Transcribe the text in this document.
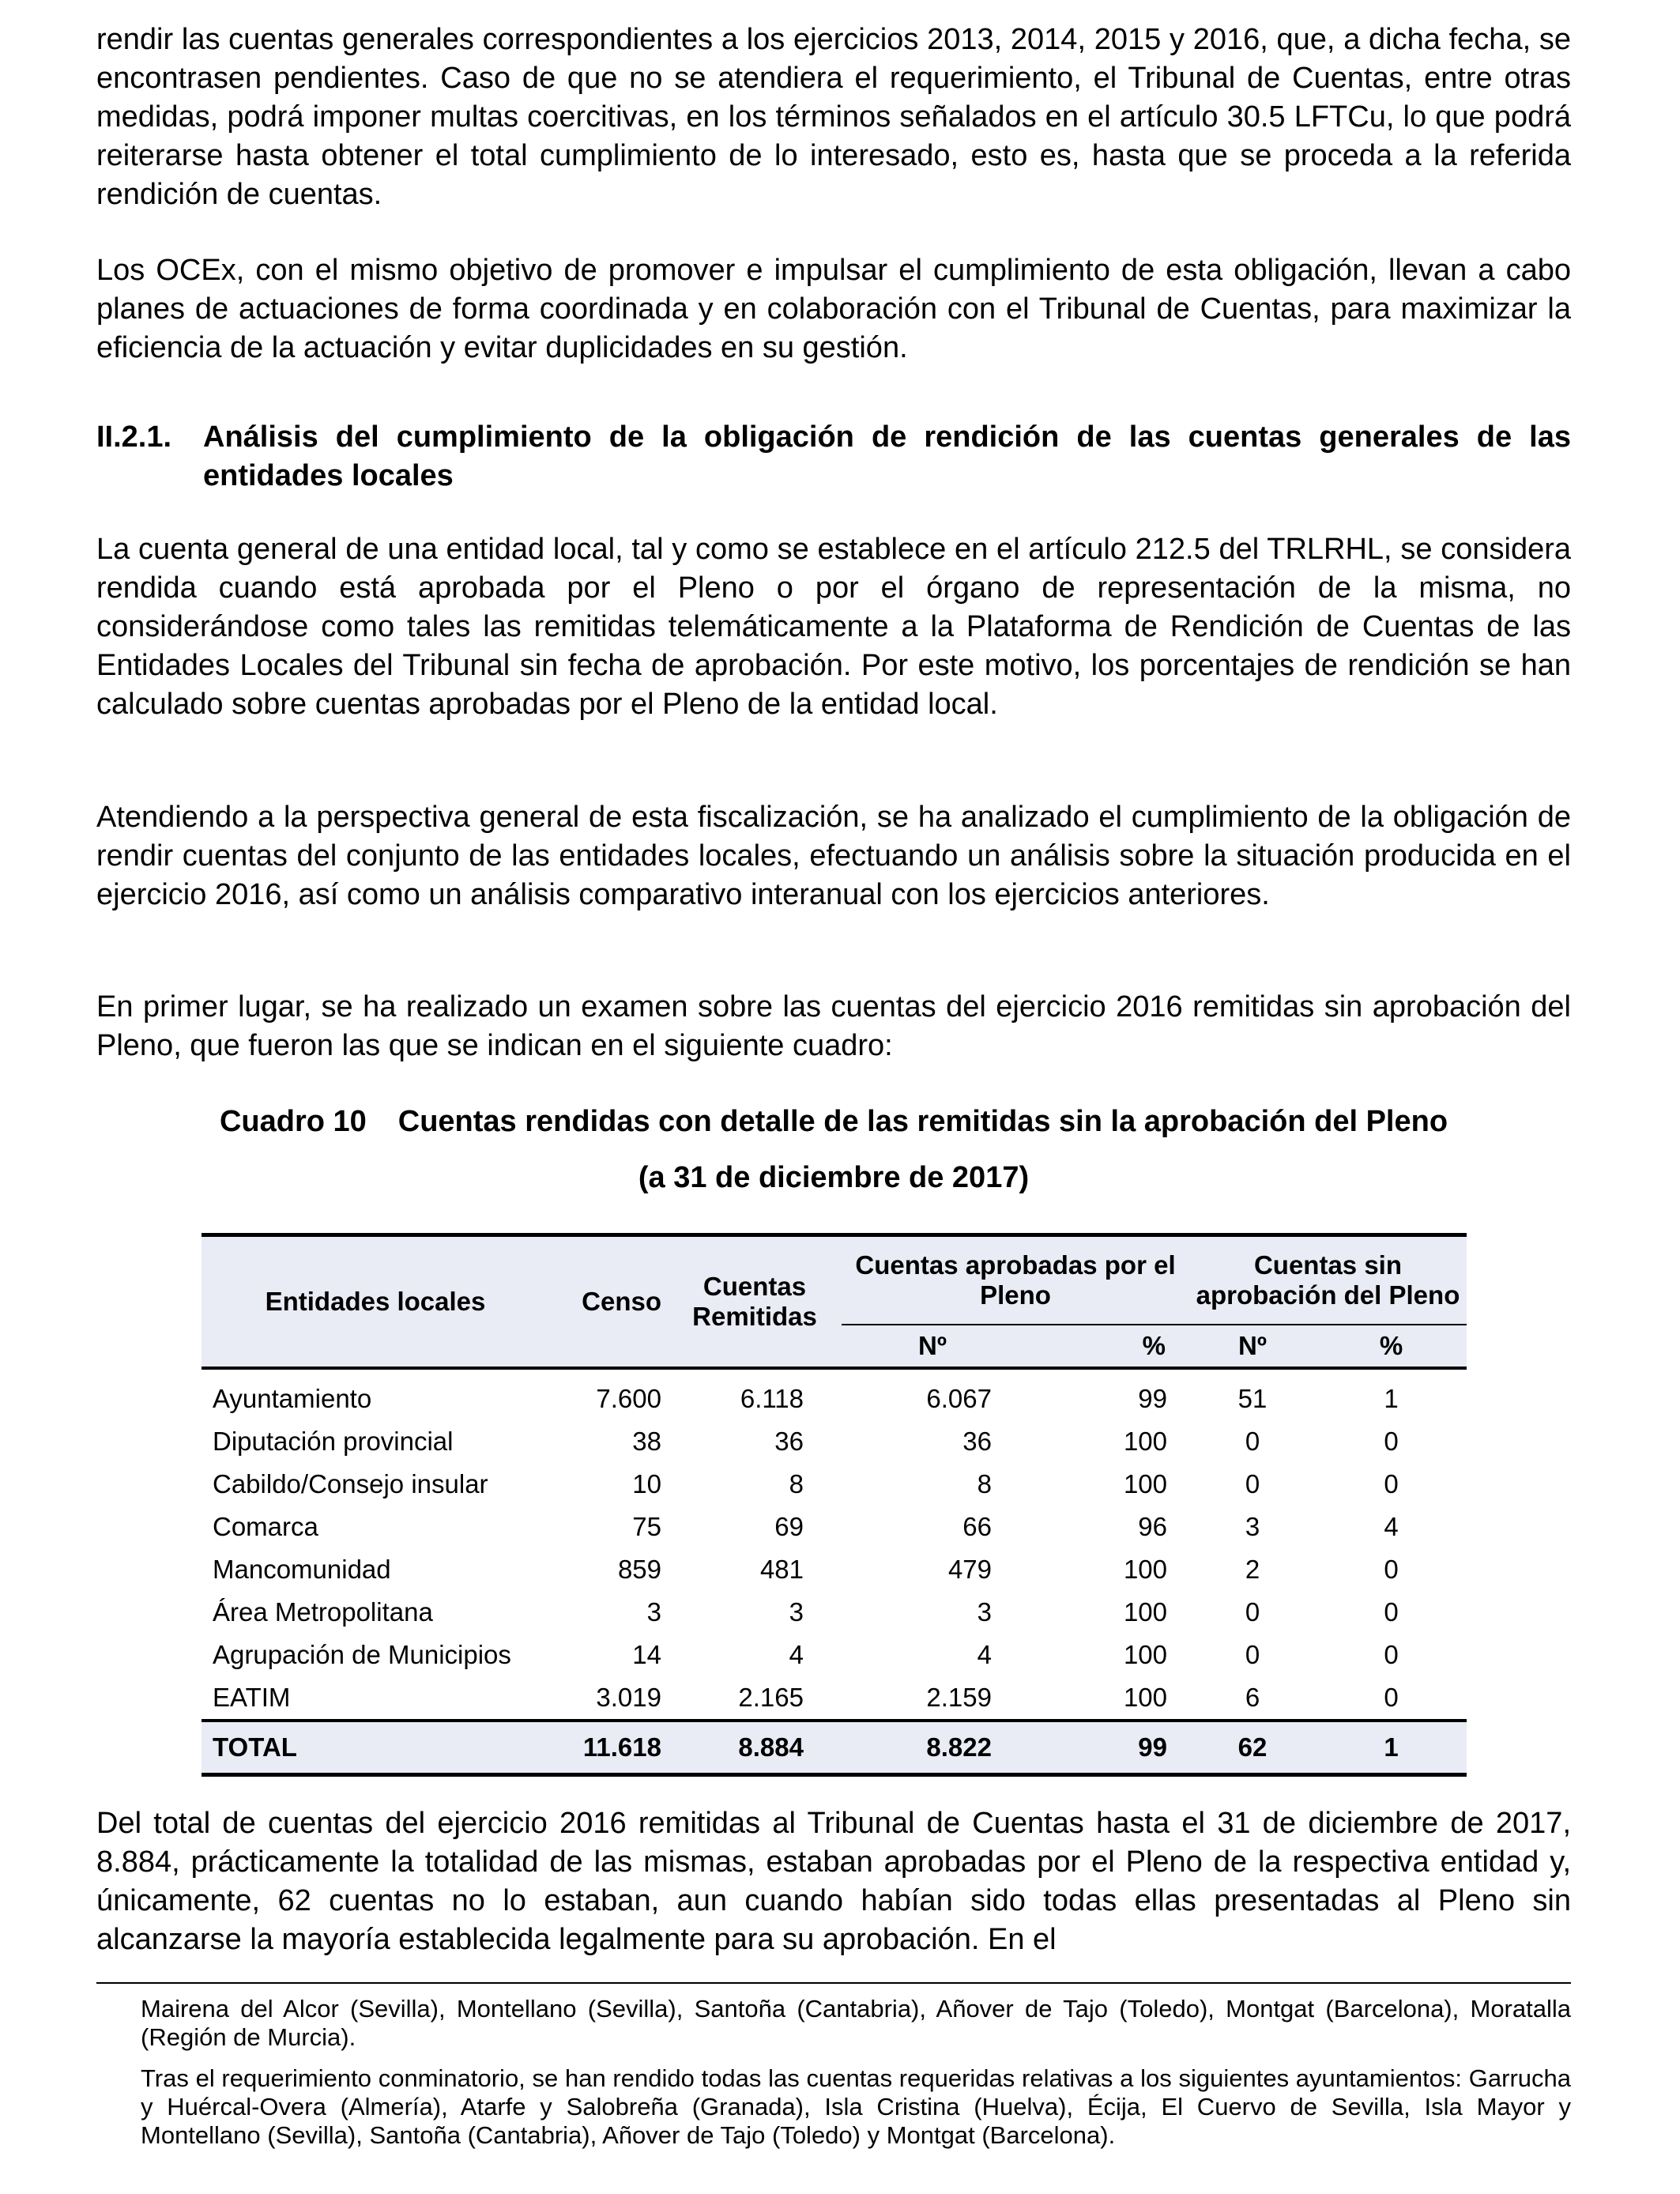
rendir las cuentas generales correspondientes a los ejercicios 2013, 2014, 2015 y 2016, que, a dicha fecha, se encontrasen pendientes. Caso de que no se atendiera el requerimiento, el Tribunal de Cuentas, entre otras medidas, podrá imponer multas coercitivas, en los términos señalados en el artículo 30.5 LFTCu, lo que podrá reiterarse hasta obtener el total cumplimiento de lo interesado, esto es, hasta que se proceda a la referida rendición de cuentas.

Los OCEx, con el mismo objetivo de promover e impulsar el cumplimiento de esta obligación, llevan a cabo planes de actuaciones de forma coordinada y en colaboración con el Tribunal de Cuentas, para maximizar la eficiencia de la actuación y evitar duplicidades en su gestión.

II.2.1.	Análisis del cumplimiento de la obligación de rendición de las cuentas generales de las entidades locales

La cuenta general de una entidad local, tal y como se establece en el artículo 212.5 del TRLRHL, se considera rendida cuando está aprobada por el Pleno o por el órgano de representación de la misma, no considerándose como tales las remitidas telemáticamente a la Plataforma de Rendición de Cuentas de las Entidades Locales del Tribunal sin fecha de aprobación. Por este motivo, los porcentajes de rendición se han calculado sobre cuentas aprobadas por el Pleno de la entidad local.

Atendiendo a la perspectiva general de esta fiscalización, se ha analizado el cumplimiento de la obligación de rendir cuentas del conjunto de las entidades locales, efectuando un análisis sobre la situación producida en el ejercicio 2016, así como un análisis comparativo interanual con los ejercicios anteriores.

En primer lugar, se ha realizado un examen sobre las cuentas del ejercicio 2016 remitidas sin aprobación del Pleno, que fueron las que se indican en el siguiente cuadro:

Cuadro 10 Cuentas rendidas con detalle de las remitidas sin la aprobación del Pleno
(a 31 de diciembre de 2017)
Entidades locales	Censo	Cuentas Remitidas	Cuentas aprobadas por el Pleno		Cuentas sin aprobación del Pleno	
			Nº	%	Nº	%
Ayuntamiento	7.600	6.118	6.067	99	51	1
Diputación provincial	38	36	36	100	0	0
Cabildo/Consejo insular	10	8	8	100	0	0
Comarca	75	69	66	96	3	4
Mancomunidad	859	481	479	100	2	0
Área Metropolitana	3	3	3	100	0	0
Agrupación de Municipios	14	4	4	100	0	0
EATIM	3.019	2.165	2.159	100	6	0
TOTAL	11.618	8.884	8.822	99	62	1

Del total de cuentas del ejercicio 2016 remitidas al Tribunal de Cuentas hasta el 31 de diciembre de 2017, 8.884, prácticamente la totalidad de las mismas, estaban aprobadas por el Pleno de la respectiva entidad y, únicamente, 62 cuentas no lo estaban, aun cuando habían sido todas ellas presentadas al Pleno sin alcanzarse la mayoría establecida legalmente para su aprobación. En el

Mairena del Alcor (Sevilla), Montellano (Sevilla), Santoña (Cantabria), Añover de Tajo (Toledo), Montgat (Barcelona), Moratalla (Región de Murcia).

Tras el requerimiento conminatorio, se han rendido todas las cuentas requeridas relativas a los siguientes ayuntamientos: Garrucha y Huércal-Overa (Almería), Atarfe y Salobreña (Granada), Isla Cristina (Huelva), Écija, El Cuervo de Sevilla, Isla Mayor y Montellano (Sevilla), Santoña (Cantabria), Añover de Tajo (Toledo) y Montgat (Barcelona).
